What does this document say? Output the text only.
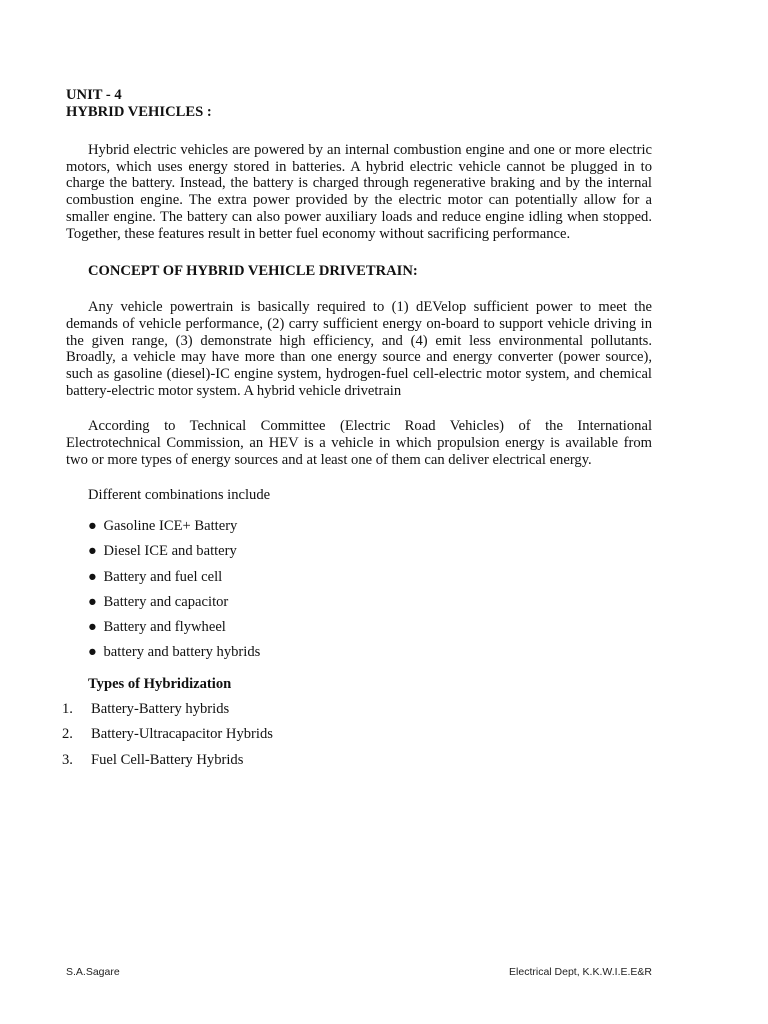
UNIT - 4

HYBRID VEHICLES :

Hybrid electric vehicles are powered by an internal combustion engine and one or more electric motors, which uses energy stored in batteries. A hybrid electric vehicle cannot be plugged in to charge the battery. Instead, the battery is charged through regenerative braking and by the internal combustion engine. The extra power provided by the electric motor can potentially allow for a smaller engine. The battery can also power auxiliary loads and reduce engine idling when stopped. Together, these features result in better fuel economy without sacrificing performance.

CONCEPT OF HYBRID VEHICLE DRIVETRAIN:

Any vehicle powertrain is basically required to (1) dEVelop sufficient power to meet the demands of vehicle performance, (2) carry sufficient energy on-board to support vehicle driving in the given range, (3) demonstrate high efficiency, and (4) emit less environmental pollutants. Broadly, a vehicle may have more than one energy source and energy converter (power source), such as gasoline (diesel)-IC engine system, hydrogen-fuel cell-electric motor system, and chemical battery-electric motor system. A hybrid vehicle drivetrain

According to Technical Committee (Electric Road Vehicles) of the International Electrotechnical Commission, an HEV is a vehicle in which propulsion energy is available from two or more types of energy sources and at least one of them can deliver electrical energy.

Different combinations include

● Gasoline ICE+ Battery
● Diesel ICE and battery
● Battery and fuel cell
● Battery and capacitor
● Battery and flywheel
● battery and battery hybrids

Types of Hybridization

1. Battery-Battery hybrids
2. Battery-Ultracapacitor Hybrids
3. Fuel Cell-Battery Hybrids
S.A.Sagare	Electrical Dept, K.K.W.I.E.E&R
